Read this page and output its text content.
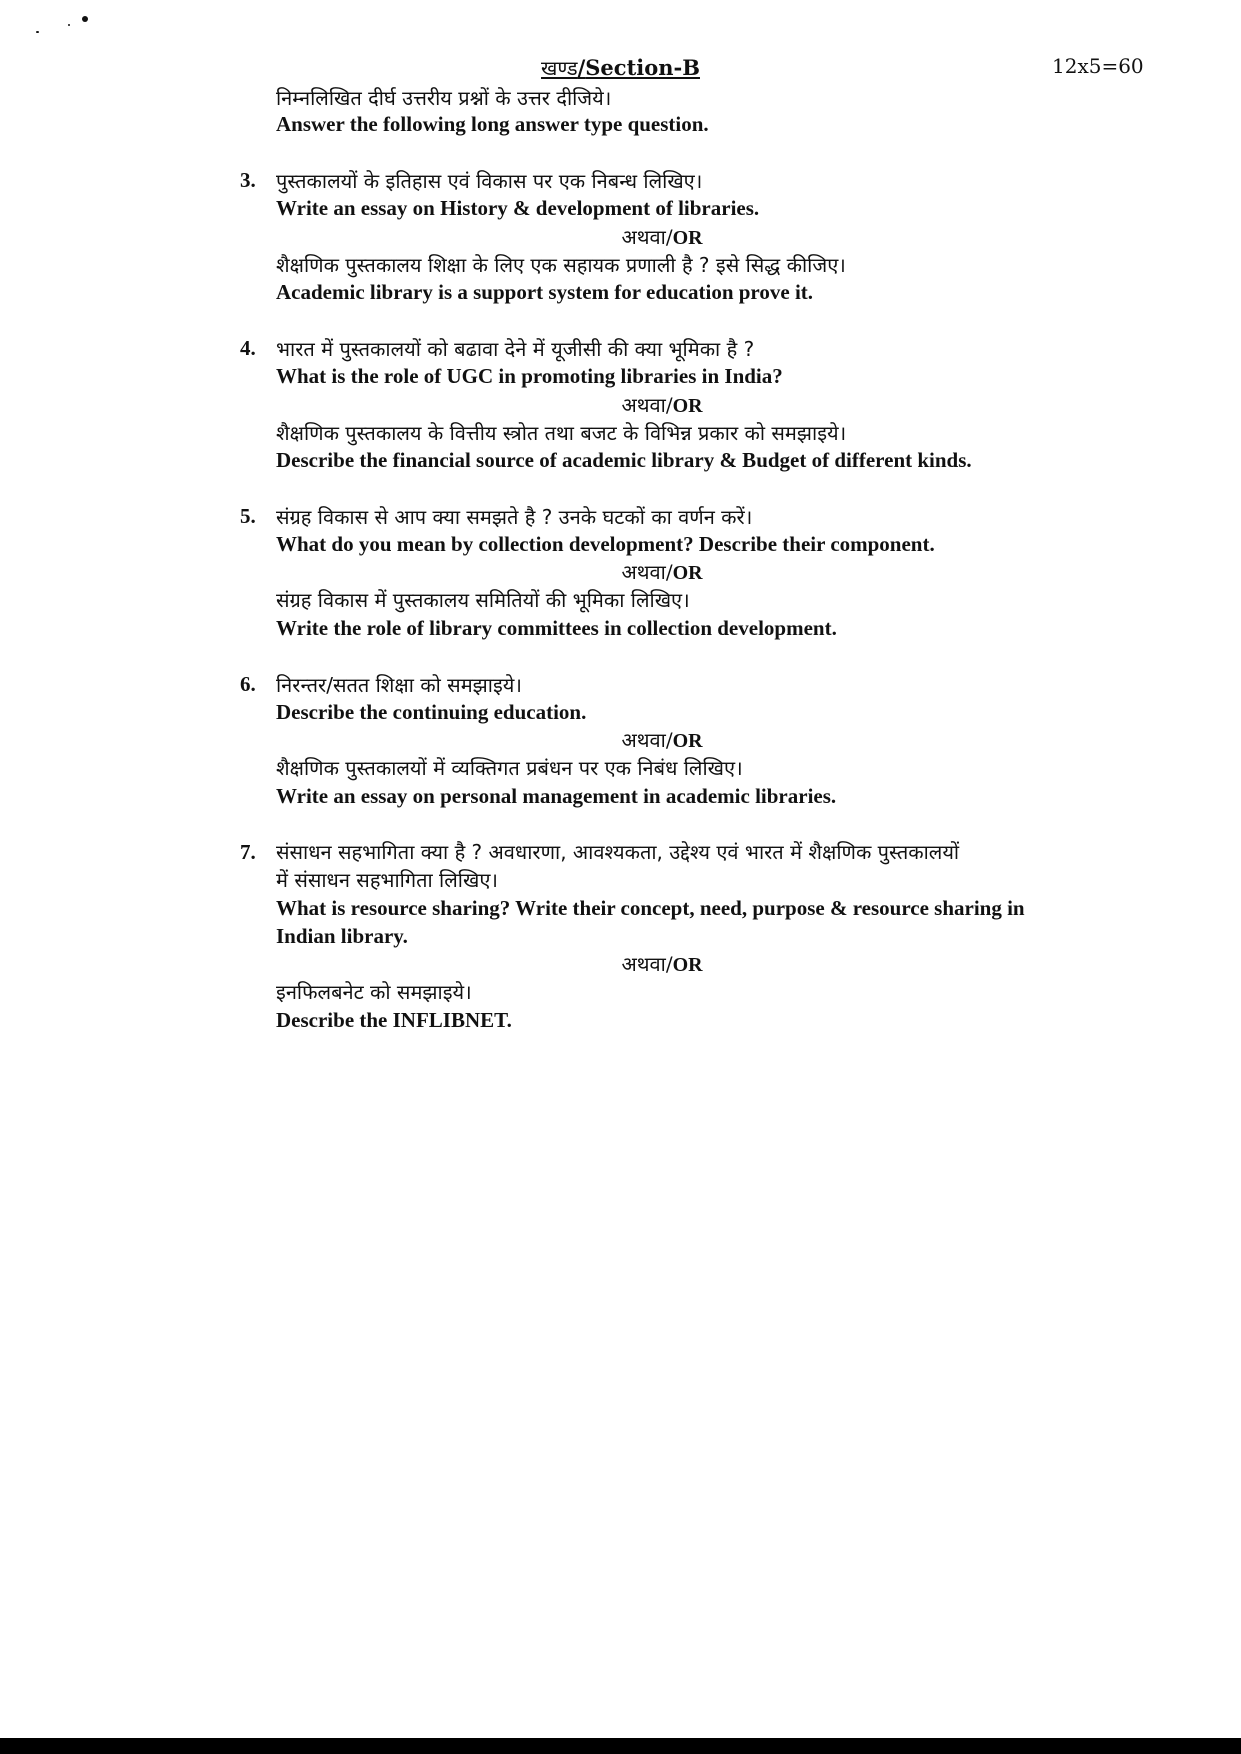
खण्ड/Section-B	12x5=60
निम्नलिखित दीर्घ उत्तरीय प्रश्नों के उत्तर दीजिये।
Answer the following long answer type question.
3. पुस्तकालयों के इतिहास एवं विकास पर एक निबन्ध लिखिए।
Write an essay on History & development of libraries.
अथवा/OR
शैक्षणिक पुस्तकालय शिक्षा के लिए एक सहायक प्रणाली है ? इसे सिद्ध कीजिए।
Academic library is a support system for education prove it.
4. भारत में पुस्तकालयों को बढावा देने में यूजीसी की क्या भूमिका है ?
What is the role of UGC in promoting libraries in India?
अथवा/OR
शैक्षणिक पुस्तकालय के वित्तीय स्त्रोत तथा बजट के विभिन्न प्रकार को समझाइये।
Describe the financial source of academic library & Budget of different kinds.
5. संग्रह विकास से आप क्या समझते है ? उनके घटकों का वर्णन करें।
What do you mean by collection development? Describe their component.
अथवा/OR
संग्रह विकास में पुस्तकालय समितियों की भूमिका लिखिए।
Write the role of library committees in collection development.
6. निरन्तर/सतत शिक्षा को समझाइये।
Describe the continuing education.
अथवा/OR
शैक्षणिक पुस्तकालयों में व्यक्तिगत प्रबंधन पर एक निबंध लिखिए।
Write an essay on personal management in academic libraries.
7. संसाधन सहभागिता क्या है ? अवधारणा, आवश्यकता, उद्देश्य एवं भारत में शैक्षणिक पुस्तकालयों
में संसाधन सहभागिता लिखिए।
What is resource sharing? Write their concept, need, purpose & resource sharing in
Indian library.
अथवा/OR
इनफिलबनेट को समझाइये।
Describe the INFLIBNET.
